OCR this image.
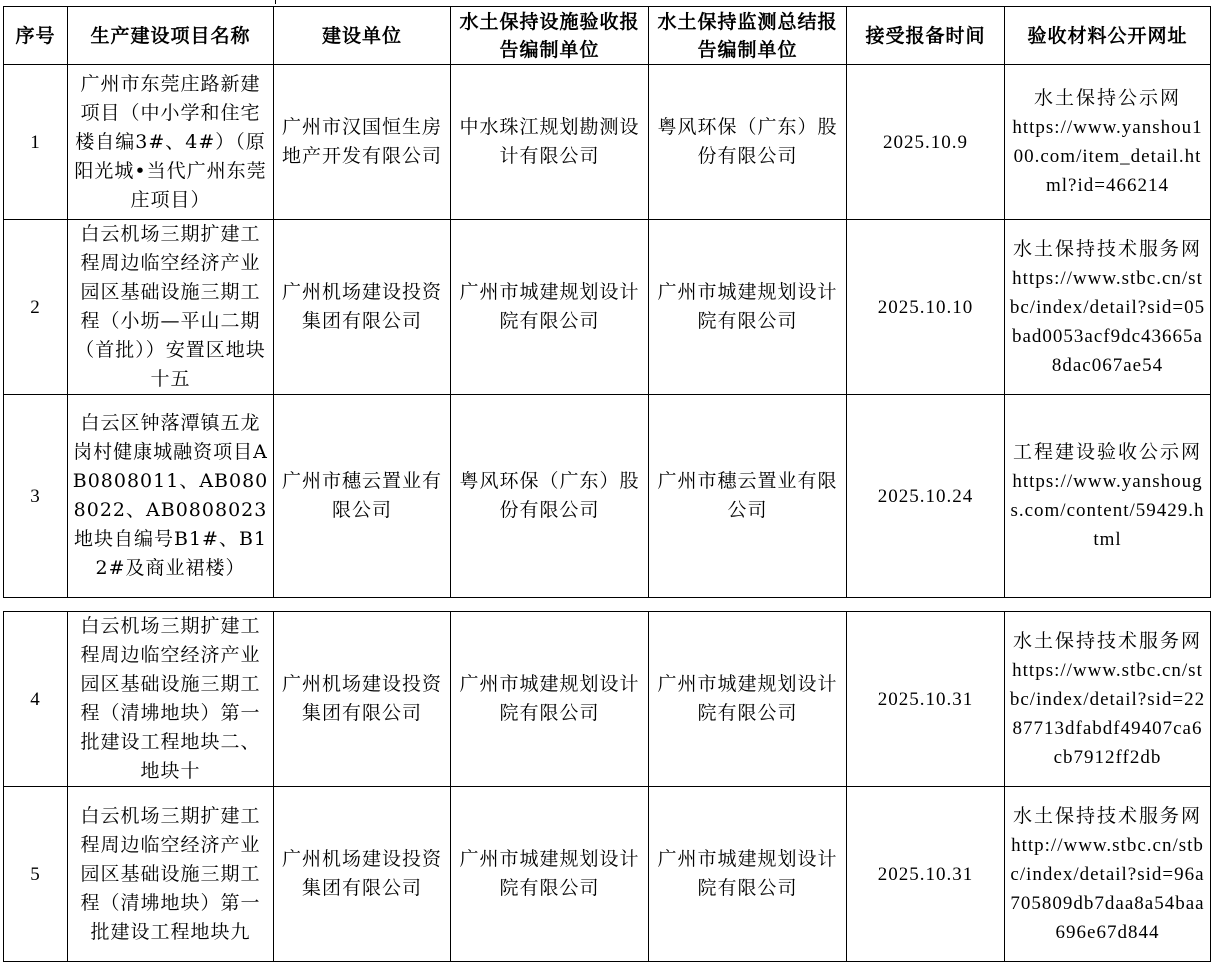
序号	生产建设项目名称	建设单位	水土保持设施验收报告编制单位	水土保持监测总结报告编制单位	接受报备时间	验收材料公开网址
1	广州市东莞庄路新建项目（中小学和住宅楼自编3#、4#）（原阳光城•当代广州东莞庄项目）	广州市汉国恒生房地产开发有限公司	中水珠江规划勘测设计有限公司	粤风环保（广东）股份有限公司	2025.10.9	水土保持公示网
https://www.yanshou100.com/item_detail.html?id=466214

2	白云机场三期扩建工程周边临空经济产业园区基础设施三期工程（小坜—平山二期（首批））安置区地块十五	广州机场建设投资集团有限公司	广州市城建规划设计院有限公司	广州市城建规划设计院有限公司	2025.10.10	水土保持技术服务网
https://www.stbc.cn/stbc/index/detail?sid=05bad0053acf9dc43665a8dac067ae54

3	白云区钟落潭镇五龙岗村健康城融资项目AB0808011、AB0808022、AB0808023地块自编号B1#、B12#及商业裙楼）	广州市穗云置业有限公司	粤风环保（广东）股份有限公司	广州市穗云置业有限公司	2025.10.24	工程建设验收公示网
https://www.yanshougs.com/content/59429.html
4	白云机场三期扩建工程周边临空经济产业园区基础设施三期工程（清坲地块）第一批建设工程地块二、地块十	广州机场建设投资集团有限公司	广州市城建规划设计院有限公司	广州市城建规划设计院有限公司	2025.10.31	水土保持技术服务网
https://www.stbc.cn/stbc/index/detail?sid=2287713dfabdf49407ca6cb7912ff2db

5	白云机场三期扩建工程周边临空经济产业园区基础设施三期工程（清坲地块）第一批建设工程地块九	广州机场建设投资集团有限公司	广州市城建规划设计院有限公司	广州市城建规划设计院有限公司	2025.10.31	水土保持技术服务网
http://www.stbc.cn/stbc/index/detail?sid=96a705809db7daa8a54baa696e67d844
